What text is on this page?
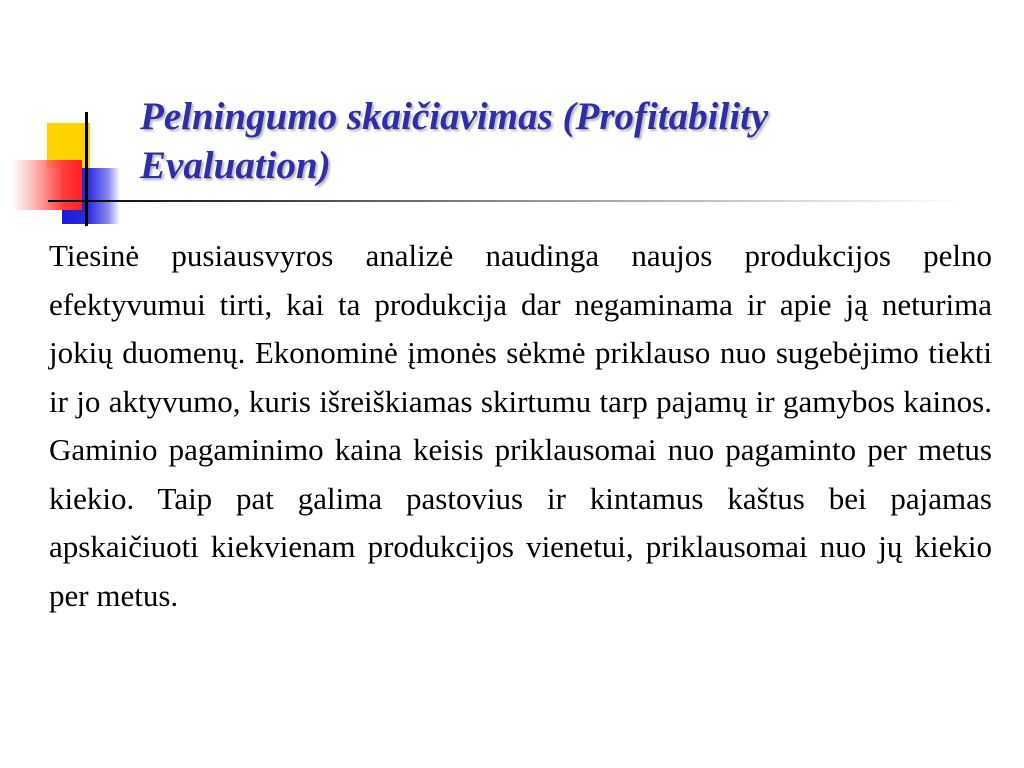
Pelningumo skaičiavimas (Profitability Evaluation)

Tiesinė pusiausvyros analizė naudinga naujos produkcijos pelno efektyvumui tirti, kai ta produkcija dar negaminama ir apie ją neturima jokių duomenų. Ekonominė įmonės sėkmė priklauso nuo sugebėjimo tiekti ir jo aktyvumo, kuris išreiškiamas skirtumu tarp pajamų ir gamybos kainos. Gaminio pagaminimo kaina keisis priklausomai nuo pagaminto per metus kiekio. Taip pat galima pastovius ir kintamus kaštus bei pajamas apskaičiuoti kiekvienam produkcijos vienetui, priklausomai nuo jų kiekio per metus.
